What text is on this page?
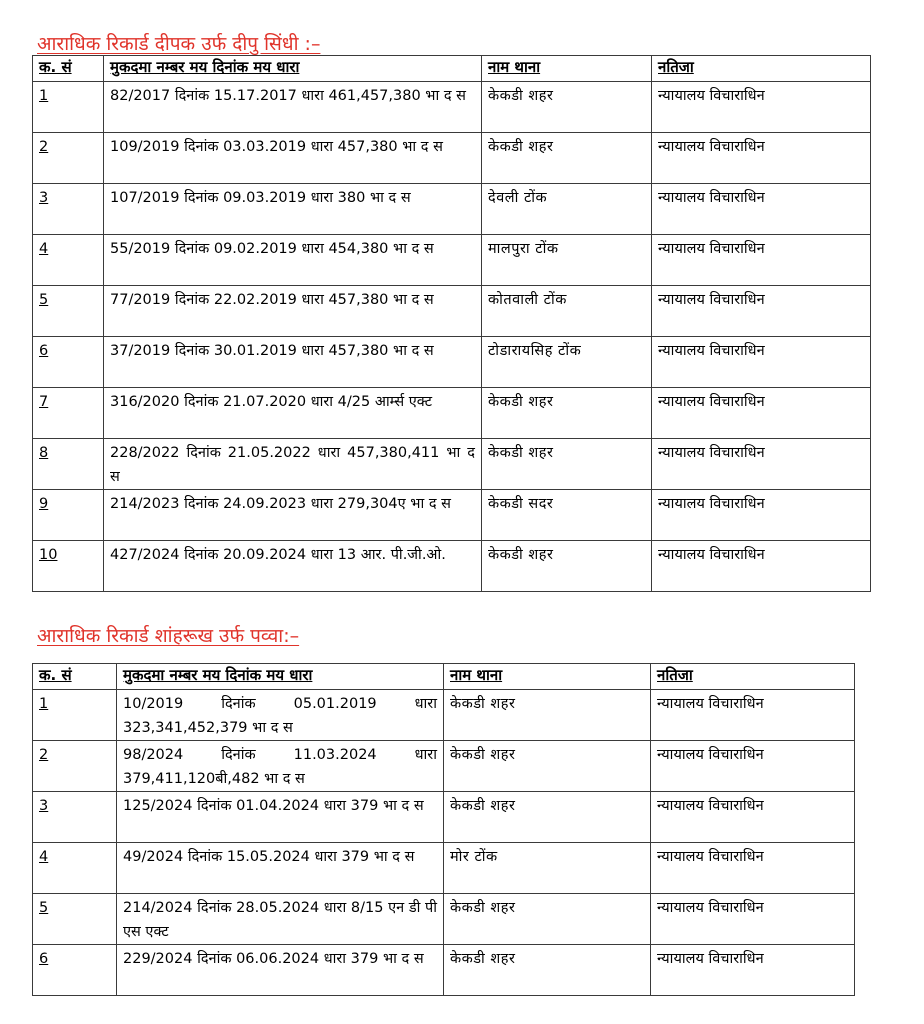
आराधिक रिकार्ड दीपक उर्फ दीपु सिंधी :–
क. सं	मुकदमा नम्बर मय दिनांक मय धारा	नाम थाना	नतिजा
1	82/2017 दिनांक 15.17.2017 धारा 461,457,380 भा द स	केकडी शहर	न्यायालय विचाराधिन
2	109/2019 दिनांक 03.03.2019 धारा 457,380 भा द स	केकडी शहर	न्यायालय विचाराधिन
3	107/2019 दिनांक 09.03.2019 धारा 380 भा द स	देवली टोंक	न्यायालय विचाराधिन
4	55/2019 दिनांक 09.02.2019 धारा 454,380 भा द स	मालपुरा टोंक	न्यायालय विचाराधिन
5	77/2019 दिनांक 22.02.2019 धारा 457,380 भा द स	कोतवाली टोंक	न्यायालय विचाराधिन
6	37/2019 दिनांक 30.01.2019 धारा 457,380 भा द स	टोडारायसिह टोंक	न्यायालय विचाराधिन
7	316/2020 दिनांक 21.07.2020 धारा 4/25 आर्म्स एक्ट	केकडी शहर	न्यायालय विचाराधिन
8	228/2022 दिनांक 21.05.2022 धारा 457,380,411 भा द स	केकडी शहर	न्यायालय विचाराधिन
9	214/2023 दिनांक 24.09.2023 धारा 279,304ए भा द स	केकडी सदर	न्यायालय विचाराधिन
10	427/2024 दिनांक 20.09.2024 धारा 13 आर. पी.जी.ओ.	केकडी शहर	न्यायालय विचाराधिन
आराधिक रिकार्ड शांहरूख उर्फ पव्वा:–
क. सं	मुकदमा नम्बर मय दिनांक मय धारा	नाम थाना	नतिजा
1	10/2019 दिनांक 05.01.2019 धारा 323,341,452,379 भा द स	केकडी शहर	न्यायालय विचाराधिन
2	98/2024 दिनांक 11.03.2024 धारा 379,411,120बी,482 भा द स	केकडी शहर	न्यायालय विचाराधिन
3	125/2024 दिनांक 01.04.2024 धारा 379 भा द स	केकडी शहर	न्यायालय विचाराधिन
4	49/2024 दिनांक 15.05.2024 धारा 379 भा द स	मोर टोंक	न्यायालय विचाराधिन
5	214/2024 दिनांक 28.05.2024 धारा 8/15 एन डी पी एस एक्ट	केकडी शहर	न्यायालय विचाराधिन
6	229/2024 दिनांक 06.06.2024 धारा 379 भा द स	केकडी शहर	न्यायालय विचाराधिन
